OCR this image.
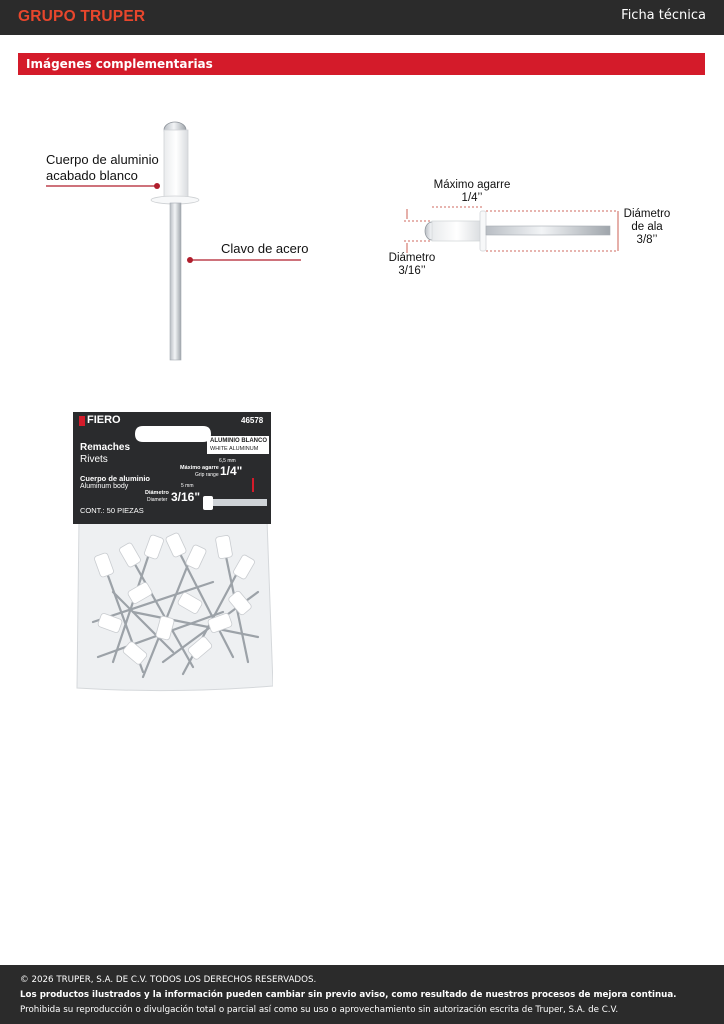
GRUPO TRUPER	Ficha técnica
Imágenes complementarias
Cuerpo de aluminio
acabado blanco
Clavo de acero
Máximo agarre
1/4’’
Diámetro
de ala
3/8’’
Diámetro
3/16’’
FIERO	46578
Remaches
Rivets
Cuerpo de aluminio
Aluminum body
CONT.: 50 PIEZAS
ALUMINIO BLANCO
WHITE ALUMINUM
6,5 mm
Máximo agarre
Grip range 1/4"
5 mm
Diámetro
Diameter 3/16"
© 2026 TRUPER, S.A. DE C.V. TODOS LOS DERECHOS RESERVADOS.
Los productos ilustrados y la información pueden cambiar sin previo aviso, como resultado de nuestros procesos de mejora continua.
Prohibida su reproducción o divulgación total o parcial así como su uso o aprovechamiento sin autorización escrita de Truper, S.A. de C.V.
